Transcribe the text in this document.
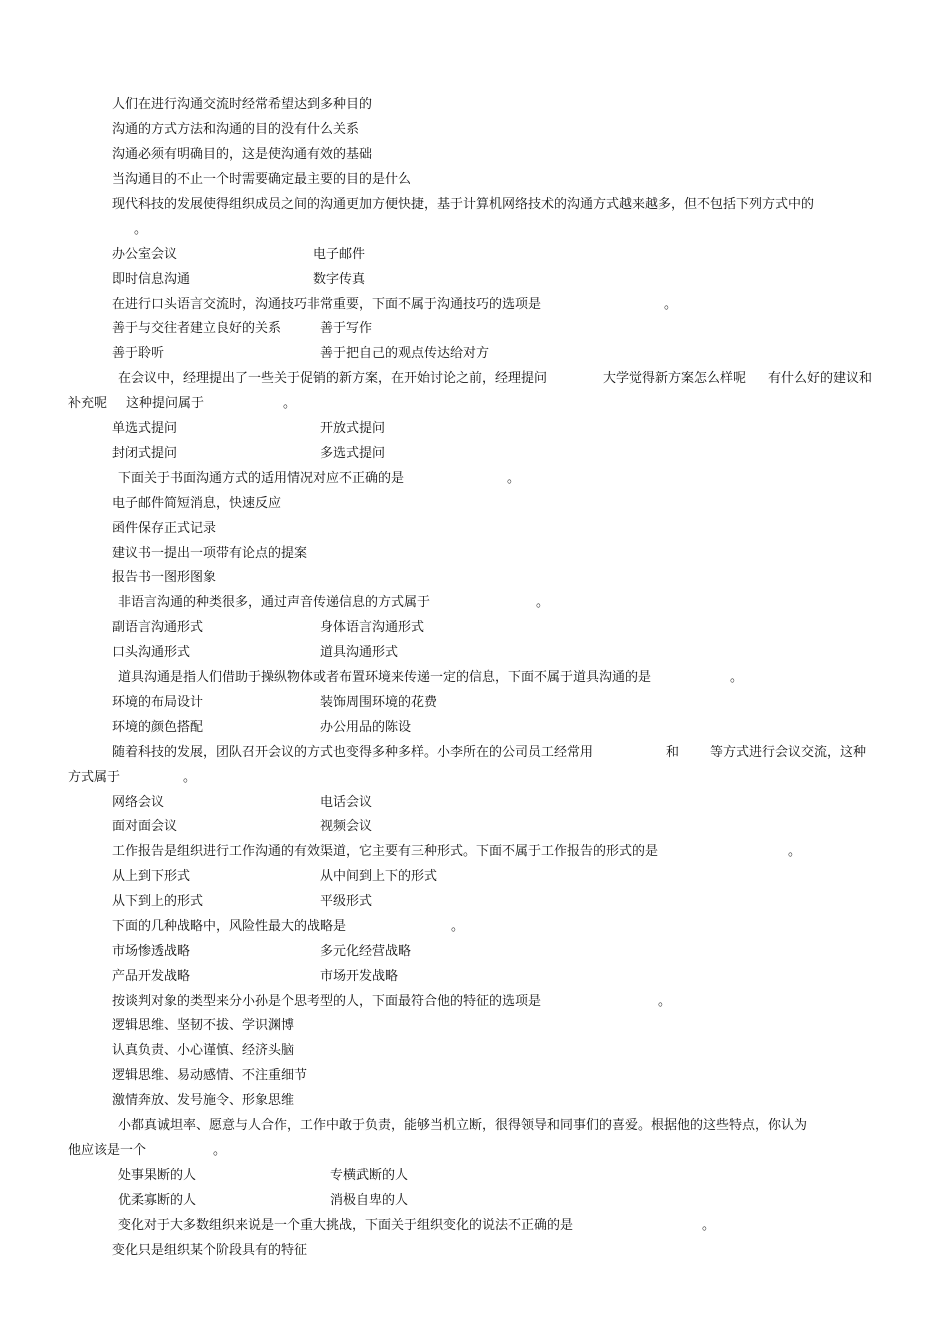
人们在进行沟通交流时经常希望达到多种目的
沟通的方式方法和沟通的目的没有什么关系
沟通必须有明确目的，这是使沟通有效的基础
当沟通目的不止一个时需要确定最主要的目的是什么
现代科技的发展使得组织成员之间的沟通更加方便快捷，基于计算机网络技术的沟通方式越来越多，但不包括下列方式中的
。
办公室会议	电子邮件
即时信息沟通	数字传真
在进行口头语言交流时，沟通技巧非常重要，下面不属于沟通技巧的选项是	。
善于与交往者建立良好的关系	善于写作
善于聆听	善于把自己的观点传达给对方
在会议中，经理提出了一些关于促销的新方案，在开始讨论之前，经理提问	大学觉得新方案怎么样呢 有什么好的建议和
补充呢 这种提问属于	。
单选式提问	开放式提问
封闭式提问	多选式提问
下面关于书面沟通方式的适用情况对应不正确的是	。
电子邮件简短消息，快速反应
函件保存正式记录
建议书一提出一项带有论点的提案
报告书一图形图象
非语言沟通的种类很多，通过声音传递信息的方式属于	。
副语言沟通形式	身体语言沟通形式
口头沟通形式	道具沟通形式
道具沟通是指人们借助于操纵物体或者布置环境来传递一定的信息，下面不属于道具沟通的是	。
环境的布局设计	装饰周围环境的花费
环境的颜色搭配	办公用品的陈设
随着科技的发展，团队召开会议的方式也变得多种多样。小李所在的公司员工经常用	和 等方式进行会议交流，这种
方式属于	。
网络会议	电话会议
面对面会议	视频会议
工作报告是组织进行工作沟通的有效渠道，它主要有三种形式。下面不属于工作报告的形式的是	。
从上到下形式	从中间到上下的形式
从下到上的形式	平级形式
下面的几种战略中，风险性最大的战略是	。
市场惨透战略	多元化经营战略
产品开发战略	市场开发战略
按谈判对象的类型来分小孙是个思考型的人，下面最符合他的特征的选项是	。
逻辑思维、坚韧不拔、学识渊博
认真负责、小心谨慎、经济头脑
逻辑思维、易动感情、不注重细节
激情奔放、发号施令、形象思维
小都真诚坦率、愿意与人合作，工作中敢于负责，能够当机立断，很得领导和同事们的喜爱。根据他的这些特点，你认为
他应该是一个	。
处事果断的人	专横武断的人
优柔寡断的人	消极自卑的人
变化对于大多数组织来说是一个重大挑战，下面关于组织变化的说法不正确的是	。
变化只是组织某个阶段具有的特征
